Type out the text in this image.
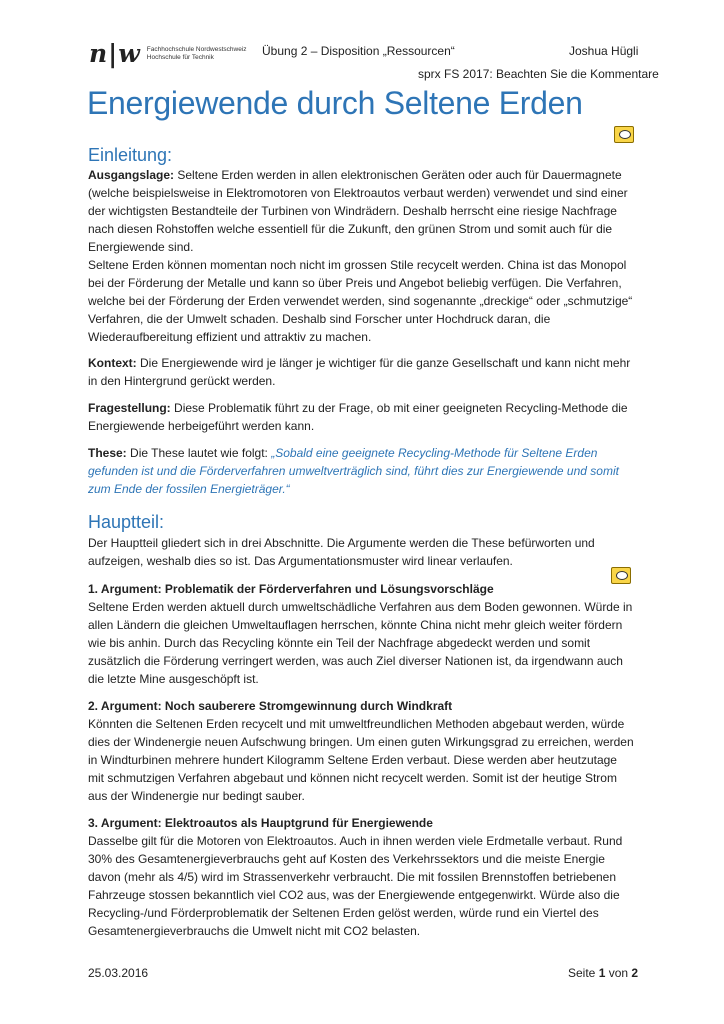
n|w Fachhochschule Nordwestschweiz
Hochschule für Technik	Übung 2 – Disposition „Ressourcen“	Joshua Hügli
sprx FS 2017: Beachten Sie die Kommentare
Energiewende durch Seltene Erden
Einleitung:
Ausgangslage: Seltene Erden werden in allen elektronischen Geräten oder auch für Dauermagnete (welche beispielsweise in Elektromotoren von Elektroautos verbaut werden) verwendet und sind einer der wichtigsten Bestandteile der Turbinen von Windrädern. Deshalb herrscht eine riesige Nachfrage nach diesen Rohstoffen welche essentiell für die Zukunft, den grünen Strom und somit auch für die Energiewende sind.
Seltene Erden können momentan noch nicht im grossen Stile recycelt werden. China ist das Monopol bei der Förderung der Metalle und kann so über Preis und Angebot beliebig verfügen. Die Verfahren, welche bei der Förderung der Erden verwendet werden, sind sogenannte „dreckige“ oder „schmutzige“ Verfahren, die der Umwelt schaden. Deshalb sind Forscher unter Hochdruck daran, die Wiederaufbereitung effizient und attraktiv zu machen.
Kontext: Die Energiewende wird je länger je wichtiger für die ganze Gesellschaft und kann nicht mehr in den Hintergrund gerückt werden.
Fragestellung: Diese Problematik führt zu der Frage, ob mit einer geeigneten Recycling-Methode die Energiewende herbeigeführt werden kann.
These: Die These lautet wie folgt: „Sobald eine geeignete Recycling-Methode für Seltene Erden gefunden ist und die Förderverfahren umweltverträglich sind, führt dies zur Energiewende und somit zum Ende der fossilen Energieträger.“
Hauptteil:
Der Hauptteil gliedert sich in drei Abschnitte. Die Argumente werden die These befürworten und aufzeigen, weshalb dies so ist. Das Argumentationsmuster wird linear verlaufen.
1. Argument: Problematik der Förderverfahren und Lösungsvorschläge
Seltene Erden werden aktuell durch umweltschädliche Verfahren aus dem Boden gewonnen. Würde in allen Ländern die gleichen Umweltauflagen herrschen, könnte China nicht mehr gleich weiter fördern wie bis anhin. Durch das Recycling könnte ein Teil der Nachfrage abgedeckt werden und somit zusätzlich die Förderung verringert werden, was auch Ziel diverser Nationen ist, da irgendwann auch die letzte Mine ausgeschöpft ist.
2. Argument: Noch sauberere Stromgewinnung durch Windkraft
Könnten die Seltenen Erden recycelt und mit umweltfreundlichen Methoden abgebaut werden, würde dies der Windenergie neuen Aufschwung bringen. Um einen guten Wirkungsgrad zu erreichen, werden in Windturbinen mehrere hundert Kilogramm Seltene Erden verbaut. Diese werden aber heutzutage mit schmutzigen Verfahren abgebaut und können nicht recycelt werden. Somit ist der heutige Strom aus der Windenergie nur bedingt sauber.
3. Argument: Elektroautos als Hauptgrund für Energiewende
Dasselbe gilt für die Motoren von Elektroautos. Auch in ihnen werden viele Erdmetalle verbaut. Rund 30% des Gesamtenergieverbrauchs geht auf Kosten des Verkehrssektors und die meiste Energie davon (mehr als 4/5) wird im Strassenverkehr verbraucht. Die mit fossilen Brennstoffen betriebenen Fahrzeuge stossen bekanntlich viel CO2 aus, was der Energiewende entgegenwirkt. Würde also die Recycling-/und Förderproblematik der Seltenen Erden gelöst werden, würde rund ein Viertel des Gesamtenergieverbrauchs die Umwelt nicht mit CO2 belasten.
25.03.2016	Seite 1 von 2
